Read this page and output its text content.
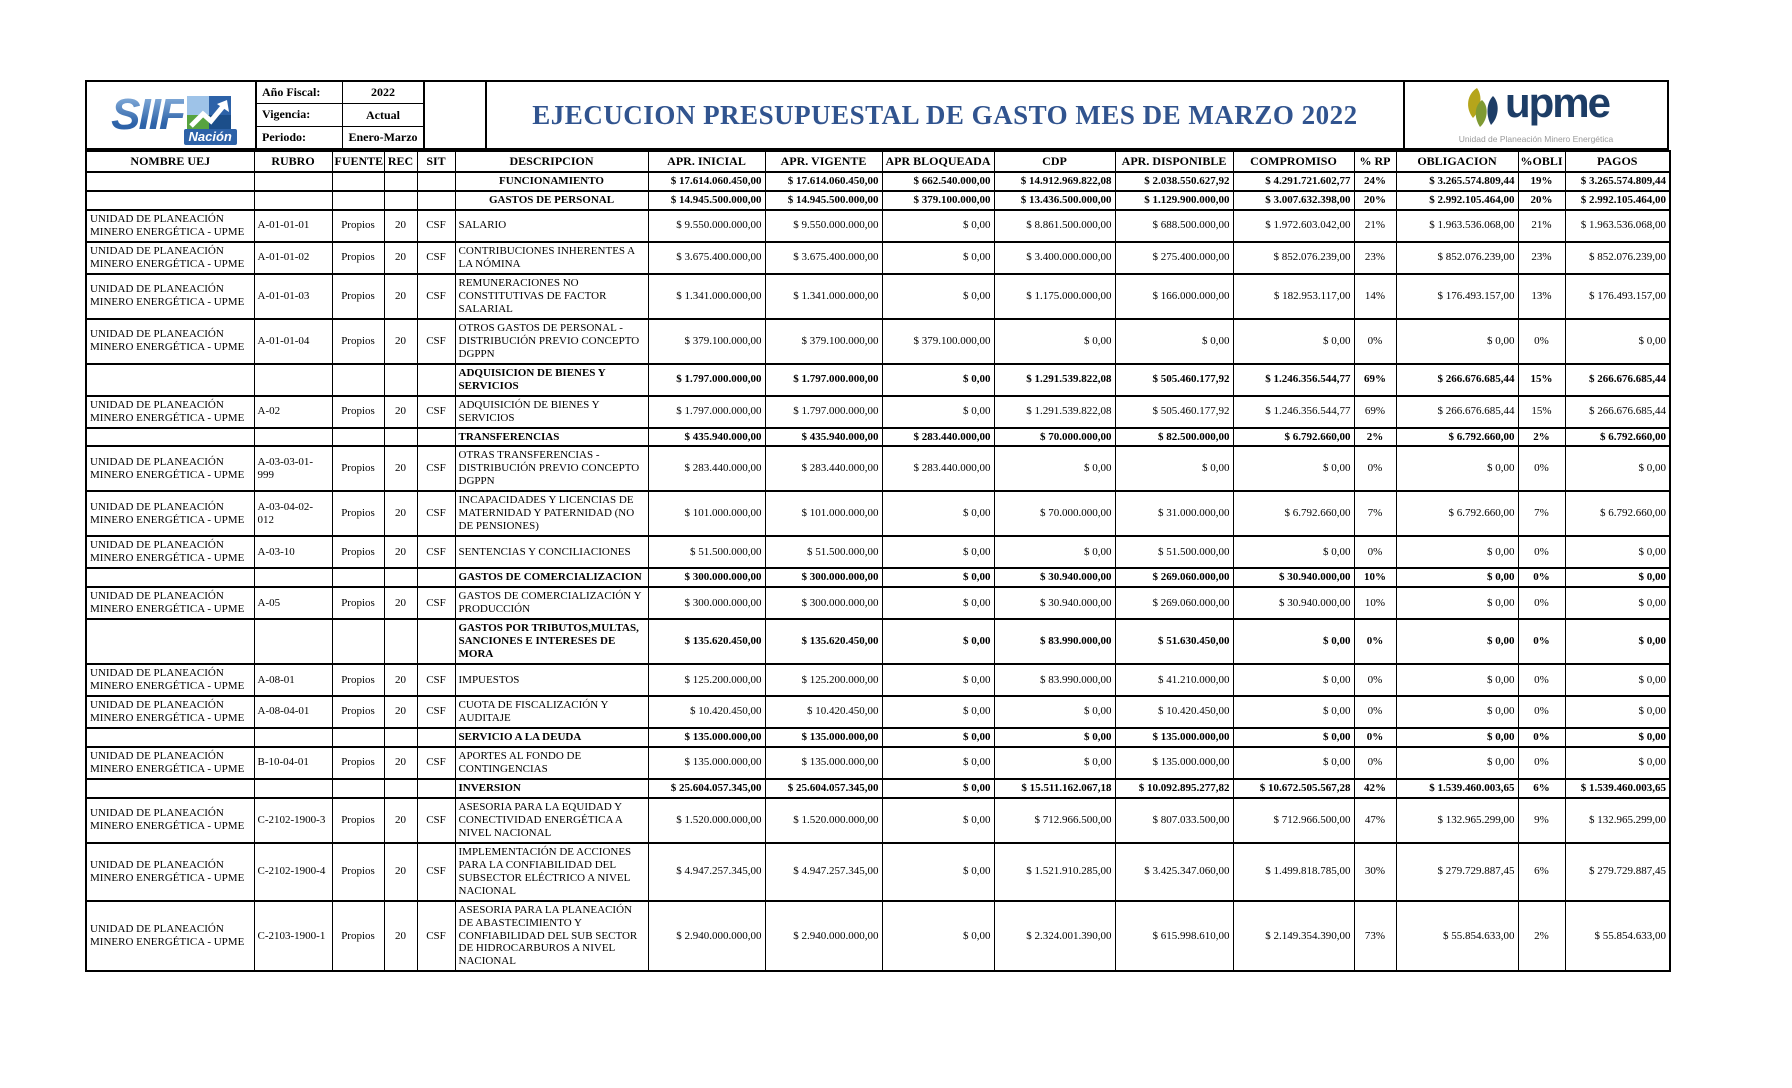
SIIF Nación
Año Fiscal:	2022
Vigencia:	Actual
Periodo:	Enero-Marzo
EJECUCION PRESUPUESTAL DE GASTO MES DE MARZO 2022	upme
Unidad de Planeación Minero Energética
NOMBRE UEJ	RUBRO	FUENTE	REC	SIT	DESCRIPCION	APR. INICIAL	APR. VIGENTE	APR BLOQUEADA	CDP	APR. DISPONIBLE	COMPROMISO	% RP	OBLIGACION	%OBLI	PAGOS
					FUNCIONAMIENTO	$ 17.614.060.450,00	$ 17.614.060.450,00	$ 662.540.000,00	$ 14.912.969.822,08	$ 2.038.550.627,92	$ 4.291.721.602,77	24%	$ 3.265.574.809,44	19%	$ 3.265.574.809,44
					GASTOS DE PERSONAL	$ 14.945.500.000,00	$ 14.945.500.000,00	$ 379.100.000,00	$ 13.436.500.000,00	$ 1.129.900.000,00	$ 3.007.632.398,00	20%	$ 2.992.105.464,00	20%	$ 2.992.105.464,00
UNIDAD DE PLANEACIÓN MINERO ENERGÉTICA - UPME	A-01-01-01	Propios	20	CSF	SALARIO	$ 9.550.000.000,00	$ 9.550.000.000,00	$ 0,00	$ 8.861.500.000,00	$ 688.500.000,00	$ 1.972.603.042,00	21%	$ 1.963.536.068,00	21%	$ 1.963.536.068,00
UNIDAD DE PLANEACIÓN MINERO ENERGÉTICA - UPME	A-01-01-02	Propios	20	CSF	CONTRIBUCIONES INHERENTES A LA NÓMINA	$ 3.675.400.000,00	$ 3.675.400.000,00	$ 0,00	$ 3.400.000.000,00	$ 275.400.000,00	$ 852.076.239,00	23%	$ 852.076.239,00	23%	$ 852.076.239,00
UNIDAD DE PLANEACIÓN MINERO ENERGÉTICA - UPME	A-01-01-03	Propios	20	CSF	REMUNERACIONES NO CONSTITUTIVAS DE FACTOR SALARIAL	$ 1.341.000.000,00	$ 1.341.000.000,00	$ 0,00	$ 1.175.000.000,00	$ 166.000.000,00	$ 182.953.117,00	14%	$ 176.493.157,00	13%	$ 176.493.157,00
UNIDAD DE PLANEACIÓN MINERO ENERGÉTICA - UPME	A-01-01-04	Propios	20	CSF	OTROS GASTOS DE PERSONAL - DISTRIBUCIÓN PREVIO CONCEPTO DGPPN	$ 379.100.000,00	$ 379.100.000,00	$ 379.100.000,00	$ 0,00	$ 0,00	$ 0,00	0%	$ 0,00	0%	$ 0,00
					ADQUISICION DE BIENES Y SERVICIOS	$ 1.797.000.000,00	$ 1.797.000.000,00	$ 0,00	$ 1.291.539.822,08	$ 505.460.177,92	$ 1.246.356.544,77	69%	$ 266.676.685,44	15%	$ 266.676.685,44
UNIDAD DE PLANEACIÓN MINERO ENERGÉTICA - UPME	A-02	Propios	20	CSF	ADQUISICIÓN DE BIENES Y SERVICIOS	$ 1.797.000.000,00	$ 1.797.000.000,00	$ 0,00	$ 1.291.539.822,08	$ 505.460.177,92	$ 1.246.356.544,77	69%	$ 266.676.685,44	15%	$ 266.676.685,44
					TRANSFERENCIAS	$ 435.940.000,00	$ 435.940.000,00	$ 283.440.000,00	$ 70.000.000,00	$ 82.500.000,00	$ 6.792.660,00	2%	$ 6.792.660,00	2%	$ 6.792.660,00
UNIDAD DE PLANEACIÓN MINERO ENERGÉTICA - UPME	A-03-03-01-999	Propios	20	CSF	OTRAS TRANSFERENCIAS - DISTRIBUCIÓN PREVIO CONCEPTO DGPPN	$ 283.440.000,00	$ 283.440.000,00	$ 283.440.000,00	$ 0,00	$ 0,00	$ 0,00	0%	$ 0,00	0%	$ 0,00
UNIDAD DE PLANEACIÓN MINERO ENERGÉTICA - UPME	A-03-04-02-012	Propios	20	CSF	INCAPACIDADES Y LICENCIAS DE MATERNIDAD Y PATERNIDAD (NO DE PENSIONES)	$ 101.000.000,00	$ 101.000.000,00	$ 0,00	$ 70.000.000,00	$ 31.000.000,00	$ 6.792.660,00	7%	$ 6.792.660,00	7%	$ 6.792.660,00
UNIDAD DE PLANEACIÓN MINERO ENERGÉTICA - UPME	A-03-10	Propios	20	CSF	SENTENCIAS Y CONCILIACIONES	$ 51.500.000,00	$ 51.500.000,00	$ 0,00	$ 0,00	$ 51.500.000,00	$ 0,00	0%	$ 0,00	0%	$ 0,00
					GASTOS DE COMERCIALIZACION	$ 300.000.000,00	$ 300.000.000,00	$ 0,00	$ 30.940.000,00	$ 269.060.000,00	$ 30.940.000,00	10%	$ 0,00	0%	$ 0,00
UNIDAD DE PLANEACIÓN MINERO ENERGÉTICA - UPME	A-05	Propios	20	CSF	GASTOS DE COMERCIALIZACIÓN Y PRODUCCIÓN	$ 300.000.000,00	$ 300.000.000,00	$ 0,00	$ 30.940.000,00	$ 269.060.000,00	$ 30.940.000,00	10%	$ 0,00	0%	$ 0,00
					GASTOS POR TRIBUTOS,MULTAS, SANCIONES E INTERESES DE MORA	$ 135.620.450,00	$ 135.620.450,00	$ 0,00	$ 83.990.000,00	$ 51.630.450,00	$ 0,00	0%	$ 0,00	0%	$ 0,00
UNIDAD DE PLANEACIÓN MINERO ENERGÉTICA - UPME	A-08-01	Propios	20	CSF	IMPUESTOS	$ 125.200.000,00	$ 125.200.000,00	$ 0,00	$ 83.990.000,00	$ 41.210.000,00	$ 0,00	0%	$ 0,00	0%	$ 0,00
UNIDAD DE PLANEACIÓN MINERO ENERGÉTICA - UPME	A-08-04-01	Propios	20	CSF	CUOTA DE FISCALIZACIÓN Y AUDITAJE	$ 10.420.450,00	$ 10.420.450,00	$ 0,00	$ 0,00	$ 10.420.450,00	$ 0,00	0%	$ 0,00	0%	$ 0,00
					SERVICIO A LA DEUDA	$ 135.000.000,00	$ 135.000.000,00	$ 0,00	$ 0,00	$ 135.000.000,00	$ 0,00	0%	$ 0,00	0%	$ 0,00
UNIDAD DE PLANEACIÓN MINERO ENERGÉTICA - UPME	B-10-04-01	Propios	20	CSF	APORTES AL FONDO DE CONTINGENCIAS	$ 135.000.000,00	$ 135.000.000,00	$ 0,00	$ 0,00	$ 135.000.000,00	$ 0,00	0%	$ 0,00	0%	$ 0,00
					INVERSION	$ 25.604.057.345,00	$ 25.604.057.345,00	$ 0,00	$ 15.511.162.067,18	$ 10.092.895.277,82	$ 10.672.505.567,28	42%	$ 1.539.460.003,65	6%	$ 1.539.460.003,65
UNIDAD DE PLANEACIÓN MINERO ENERGÉTICA - UPME	C-2102-1900-3	Propios	20	CSF	ASESORIA PARA LA EQUIDAD Y CONECTIVIDAD ENERGÉTICA A NIVEL NACIONAL	$ 1.520.000.000,00	$ 1.520.000.000,00	$ 0,00	$ 712.966.500,00	$ 807.033.500,00	$ 712.966.500,00	47%	$ 132.965.299,00	9%	$ 132.965.299,00
UNIDAD DE PLANEACIÓN MINERO ENERGÉTICA - UPME	C-2102-1900-4	Propios	20	CSF	IMPLEMENTACIÓN DE ACCIONES PARA LA CONFIABILIDAD DEL SUBSECTOR ELÉCTRICO A NIVEL NACIONAL	$ 4.947.257.345,00	$ 4.947.257.345,00	$ 0,00	$ 1.521.910.285,00	$ 3.425.347.060,00	$ 1.499.818.785,00	30%	$ 279.729.887,45	6%	$ 279.729.887,45
UNIDAD DE PLANEACIÓN MINERO ENERGÉTICA - UPME	C-2103-1900-1	Propios	20	CSF	ASESORIA PARA LA PLANEACIÓN DE ABASTECIMIENTO Y CONFIABILIDAD DEL SUB SECTOR DE HIDROCARBUROS A NIVEL NACIONAL	$ 2.940.000.000,00	$ 2.940.000.000,00	$ 0,00	$ 2.324.001.390,00	$ 615.998.610,00	$ 2.149.354.390,00	73%	$ 55.854.633,00	2%	$ 55.854.633,00
